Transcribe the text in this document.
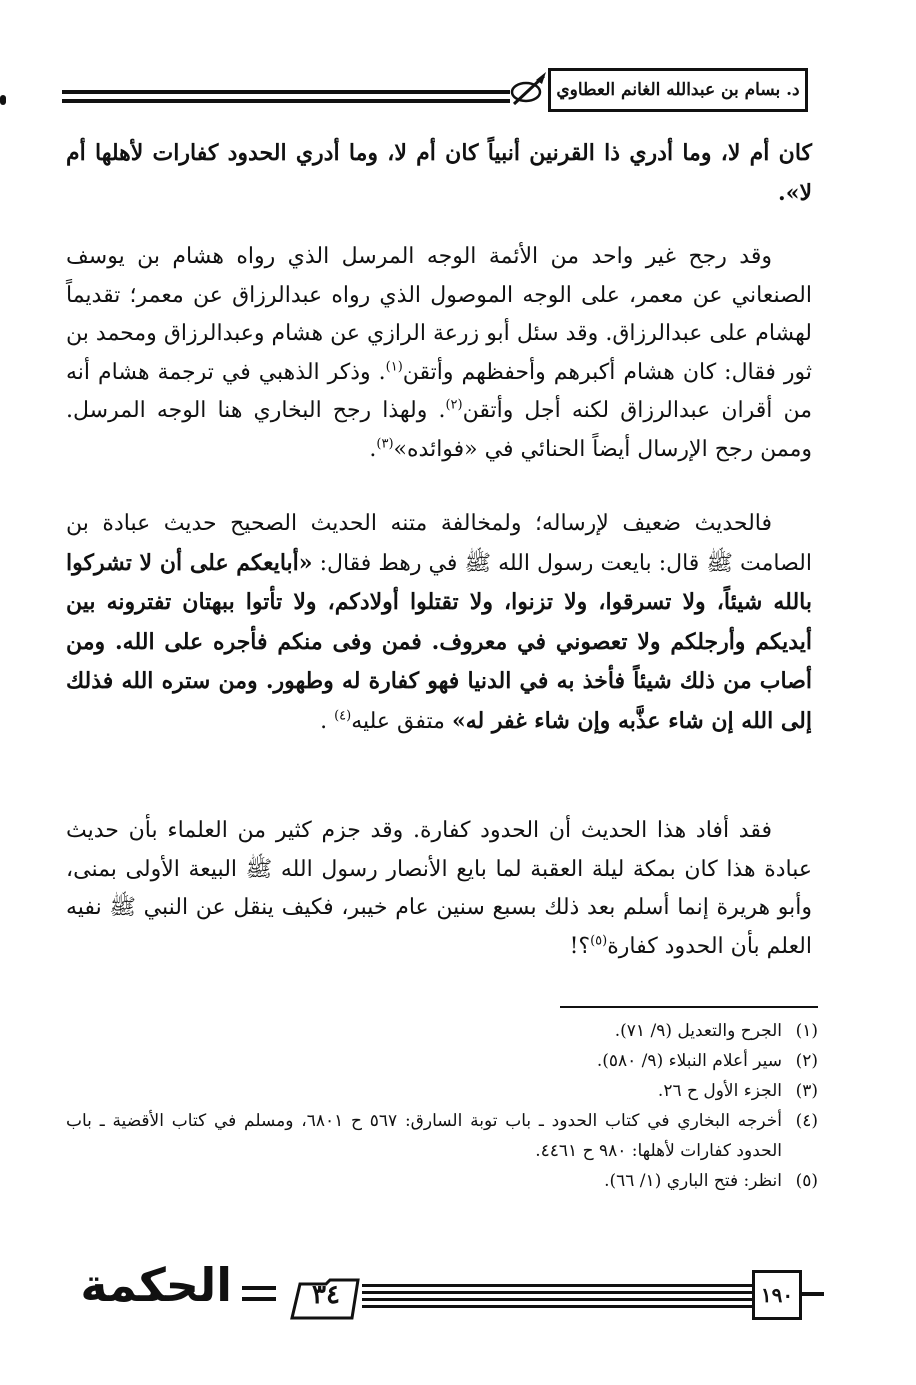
د. بسام بن عبدالله الغانم العطاوي

كان أم لا، وما أدري ذا القرنين أنبياً كان أم لا، وما أدري الحدود كفارات لأهلها أم لا».

وقد رجح غير واحد من الأئمة الوجه المرسل الذي رواه هشام بن يوسف الصنعاني عن معمر، على الوجه الموصول الذي رواه عبدالرزاق عن معمر؛ تقديماً لهشام على عبدالرزاق. وقد سئل أبو زرعة الرازي عن هشام وعبدالرزاق ومحمد بن ثور فقال: كان هشام أكبرهم وأحفظهم وأتقن$^{(١)}$. وذكر الذهبي في ترجمة هشام أنه من أقران عبدالرزاق لكنه أجل وأتقن$^{(٢)}$. ولهذا رجح البخاري هنا الوجه المرسل. وممن رجح الإرسال أيضاً الحنائي في «فوائده»$^{(٣)}$.

فالحديث ضعيف لإرساله؛ ولمخالفة متنه الحديث الصحيح حديث عبادة بن الصامت ﷺ قال: بايعت رسول الله ﷺ في رهط فقال: «أبايعكم على أن لا تشركوا بالله شيئاً، ولا تسرقوا، ولا تزنوا، ولا تقتلوا أولادكم، ولا تأتوا ببهتان تفترونه بين أيديكم وأرجلكم ولا تعصوني في معروف. فمن وفى منكم فأجره على الله. ومن أصاب من ذلك شيئاً فأخذ به في الدنيا فهو كفارة له وطهور. ومن ستره الله فذلك إلى الله إن شاء عذَّبه وإن شاء غفر له» متفق عليه$^{(٤)}$ .

فقد أفاد هذا الحديث أن الحدود كفارة. وقد جزم كثير من العلماء بأن حديث عبادة هذا كان بمكة ليلة العقبة لما بايع الأنصار رسول الله ﷺ البيعة الأولى بمنى، وأبو هريرة إنما أسلم بعد ذلك بسبع سنين عام خيبر، فكيف ينقل عن النبي ﷺ نفيه العلم بأن الحدود كفارة$^{(٥)}$؟!

(١)
الجرح والتعديل (٩/ ٧١).
(٢)
سير أعلام النبلاء (٩/ ٥٨٠).
(٣)
الجزء الأول ح ٢٦.
(٤)
أخرجه البخاري في كتاب الحدود ـ باب توبة السارق: ٥٦٧ ح ٦٨٠١، ومسلم في كتاب الأقضية ـ باب الحدود كفارات لأهلها: ٩٨٠ ح ٤٤٦١.
(٥)
انظر: فتح الباري (١/ ٦٦).
١٩٠
٣٤
الحكمة
